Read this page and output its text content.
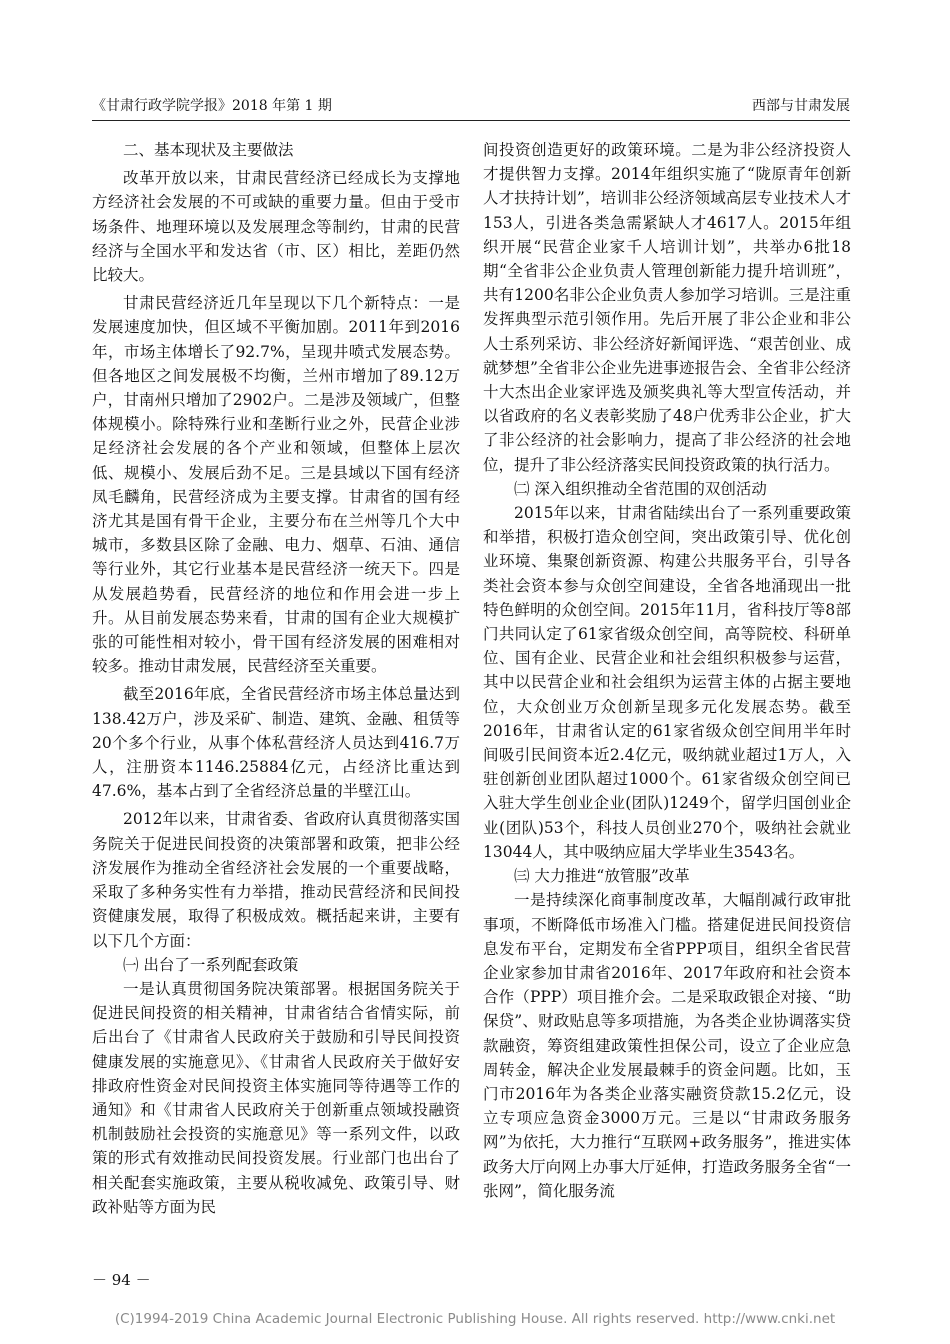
《甘肃行政学院学报》2018 年第 1 期	西部与甘肃发展

二、基本现状及主要做法

改革开放以来，甘肃民营经济已经成长为支撑地方经济社会发展的不可或缺的重要力量。但由于受市场条件、地理环境以及发展理念等制约，甘肃的民营经济与全国水平和发达省（市、区）相比，差距仍然比较大。

甘肃民营经济近几年呈现以下几个新特点：一是发展速度加快，但区域不平衡加剧。2011年到2016年，市场主体增长了92.7%，呈现井喷式发展态势。但各地区之间发展极不均衡，兰州市增加了89.12万户，甘南州只增加了2902户。二是涉及领域广，但整体规模小。除特殊行业和垄断行业之外，民营企业涉足经济社会发展的各个产业和领域，但整体上层次低、规模小、发展后劲不足。三是县域以下国有经济凤毛麟角，民营经济成为主要支撑。甘肃省的国有经济尤其是国有骨干企业，主要分布在兰州等几个大中城市，多数县区除了金融、电力、烟草、石油、通信等行业外，其它行业基本是民营经济一统天下。四是从发展趋势看，民营经济的地位和作用会进一步上升。从目前发展态势来看，甘肃的国有企业大规模扩张的可能性相对较小，骨干国有经济发展的困难相对较多。推动甘肃发展，民营经济至关重要。

截至2016年底，全省民营经济市场主体总量达到138.42万户，涉及采矿、制造、建筑、金融、租赁等20个多个行业，从事个体私营经济人员达到416.7万人，注册资本1146.25884亿元，占经济比重达到47.6%，基本占到了全省经济总量的半壁江山。

2012年以来，甘肃省委、省政府认真贯彻落实国务院关于促进民间投资的决策部署和政策，把非公经济发展作为推动全省经济社会发展的一个重要战略，采取了多种务实性有力举措，推动民营经济和民间投资健康发展，取得了积极成效。概括起来讲，主要有以下几个方面：

㈠ 出台了一系列配套政策

一是认真贯彻国务院决策部署。根据国务院关于促进民间投资的相关精神，甘肃省结合省情实际，前后出台了《甘肃省人民政府关于鼓励和引导民间投资健康发展的实施意见》、《甘肃省人民政府关于做好安排政府性资金对民间投资主体实施同等待遇等工作的通知》和《甘肃省人民政府关于创新重点领域投融资机制鼓励社会投资的实施意见》等一系列文件，以政策的形式有效推动民间投资发展。行业部门也出台了相关配套实施政策，主要从税收减免、政策引导、财政补贴等方面为民

间投资创造更好的政策环境。二是为非公经济投资人才提供智力支撑。2014年组织实施了“陇原青年创新人才扶持计划”，培训非公经济领域高层专业技术人才153人，引进各类急需紧缺人才4617人。2015年组织开展“民营企业家千人培训计划”，共举办6批18期“全省非公企业负责人管理创新能力提升培训班”，共有1200名非公企业负责人参加学习培训。三是注重发挥典型示范引领作用。先后开展了非公企业和非公人士系列采访、非公经济好新闻评选、“艰苦创业、成就梦想”全省非公企业先进事迹报告会、全省非公经济十大杰出企业家评选及颁奖典礼等大型宣传活动，并以省政府的名义表彰奖励了48户优秀非公企业，扩大了非公经济的社会影响力，提高了非公经济的社会地位，提升了非公经济落实民间投资政策的执行活力。

㈡ 深入组织推动全省范围的双创活动

2015年以来，甘肃省陆续出台了一系列重要政策和举措，积极打造众创空间，突出政策引导、优化创业环境、集聚创新资源、构建公共服务平台，引导各类社会资本参与众创空间建设，全省各地涌现出一批特色鲜明的众创空间。2015年11月，省科技厅等8部门共同认定了61家省级众创空间，高等院校、科研单位、国有企业、民营企业和社会组织积极参与运营，其中以民营企业和社会组织为运营主体的占据主要地位，大众创业万众创新呈现多元化发展态势。截至2016年，甘肃省认定的61家省级众创空间用半年时间吸引民间资本近2.4亿元，吸纳就业超过1万人，入驻创新创业团队超过1000个。61家省级众创空间已入驻大学生创业企业(团队)1249个，留学归国创业企业(团队)53个，科技人员创业270个，吸纳社会就业13044人，其中吸纳应届大学毕业生3543名。

㈢ 大力推进“放管服”改革

一是持续深化商事制度改革，大幅削减行政审批事项，不断降低市场准入门槛。搭建促进民间投资信息发布平台，定期发布全省PPP项目，组织全省民营企业家参加甘肃省2016年、2017年政府和社会资本合作（PPP）项目推介会。二是采取政银企对接、“助保贷”、财政贴息等多项措施，为各类企业协调落实贷款融资，筹资组建政策性担保公司，设立了企业应急周转金，解决企业发展最棘手的资金问题。比如，玉门市2016年为各类企业落实融资贷款15.2亿元，设立专项应急资金3000万元。三是以“甘肃政务服务网”为依托，大力推行“互联网+政务服务”，推进实体政务大厅向网上办事大厅延伸，打造政务服务全省“一张网”，简化服务流

－ 94 －
(C)1994-2019 China Academic Journal Electronic Publishing House. All rights reserved. http://www.cnki.net
